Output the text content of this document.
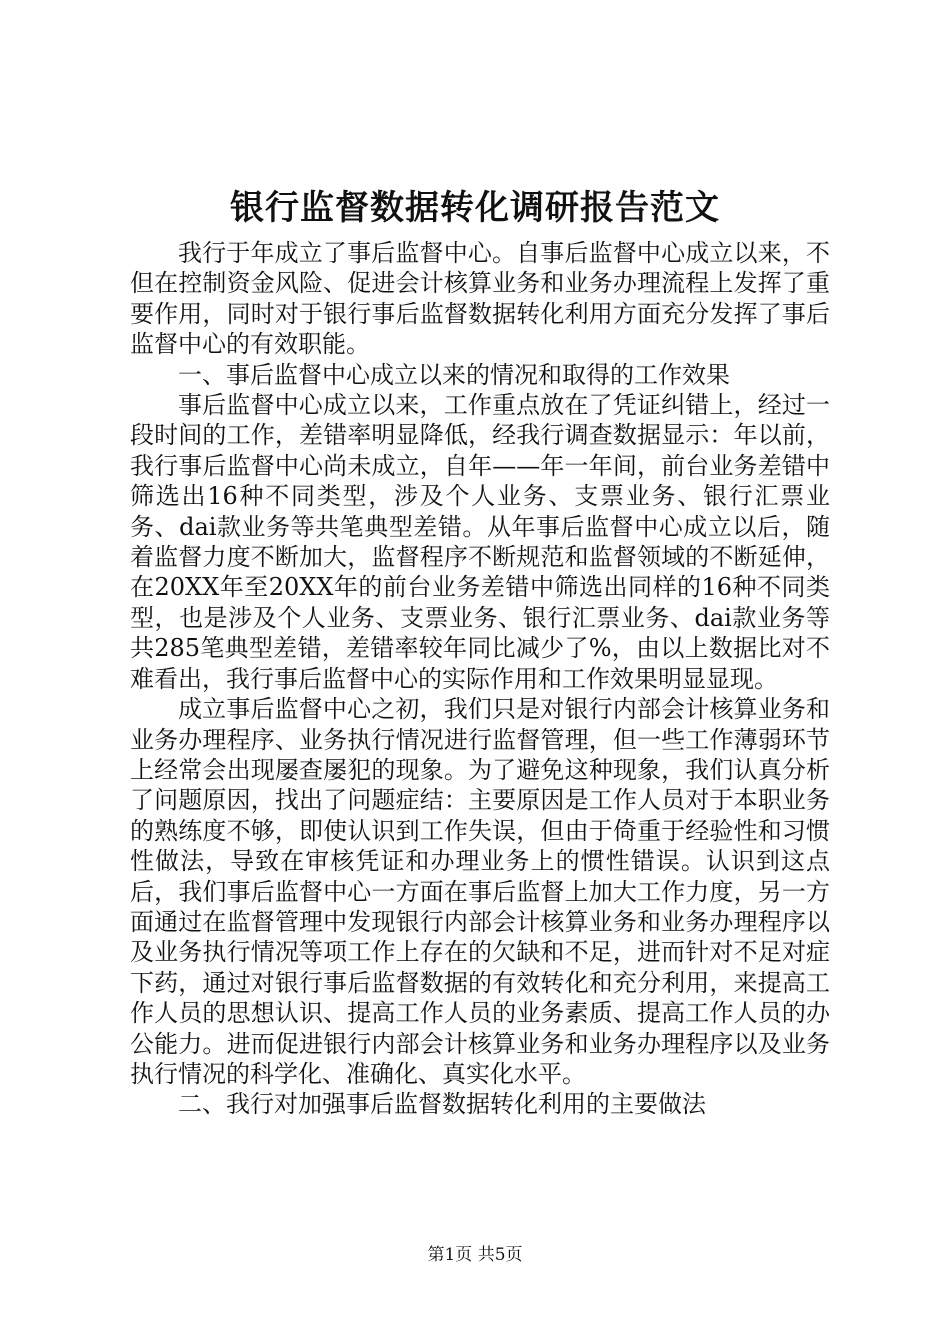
银行监督数据转化调研报告范文

我行于年成立了事后监督中心。自事后监督中心成立以来，不但在控制资金风险、促进会计核算业务和业务办理流程上发挥了重要作用，同时对于银行事后监督数据转化利用方面充分发挥了事后监督中心的有效职能。

一、事后监督中心成立以来的情况和取得的工作效果

事后监督中心成立以来，工作重点放在了凭证纠错上，经过一段时间的工作，差错率明显降低，经我行调查数据显示：年以前，我行事后监督中心尚未成立，自年——年一年间，前台业务差错中筛选出16种不同类型，涉及个人业务、支票业务、银行汇票业务、dai款业务等共笔典型差错。从年事后监督中心成立以后，随着监督力度不断加大，监督程序不断规范和监督领域的不断延伸，在20XX年至20XX年的前台业务差错中筛选出同样的16种不同类型，也是涉及个人业务、支票业务、银行汇票业务、dai款业务等共285笔典型差错，差错率较年同比减少了%，由以上数据比对不难看出，我行事后监督中心的实际作用和工作效果明显显现。

成立事后监督中心之初，我们只是对银行内部会计核算业务和业务办理程序、业务执行情况进行监督管理，但一些工作薄弱环节上经常会出现屡查屡犯的现象。为了避免这种现象，我们认真分析了问题原因，找出了问题症结：主要原因是工作人员对于本职业务的熟练度不够，即使认识到工作失误，但由于倚重于经验性和习惯性做法，导致在审核凭证和办理业务上的惯性错误。认识到这点后，我们事后监督中心一方面在事后监督上加大工作力度，另一方面通过在监督管理中发现银行内部会计核算业务和业务办理程序以及业务执行情况等项工作上存在的欠缺和不足，进而针对不足对症下药，通过对银行事后监督数据的有效转化和充分利用，来提高工作人员的思想认识、提高工作人员的业务素质、提高工作人员的办公能力。进而促进银行内部会计核算业务和业务办理程序以及业务执行情况的科学化、准确化、真实化水平。

二、我行对加强事后监督数据转化利用的主要做法

第1页 共5页
